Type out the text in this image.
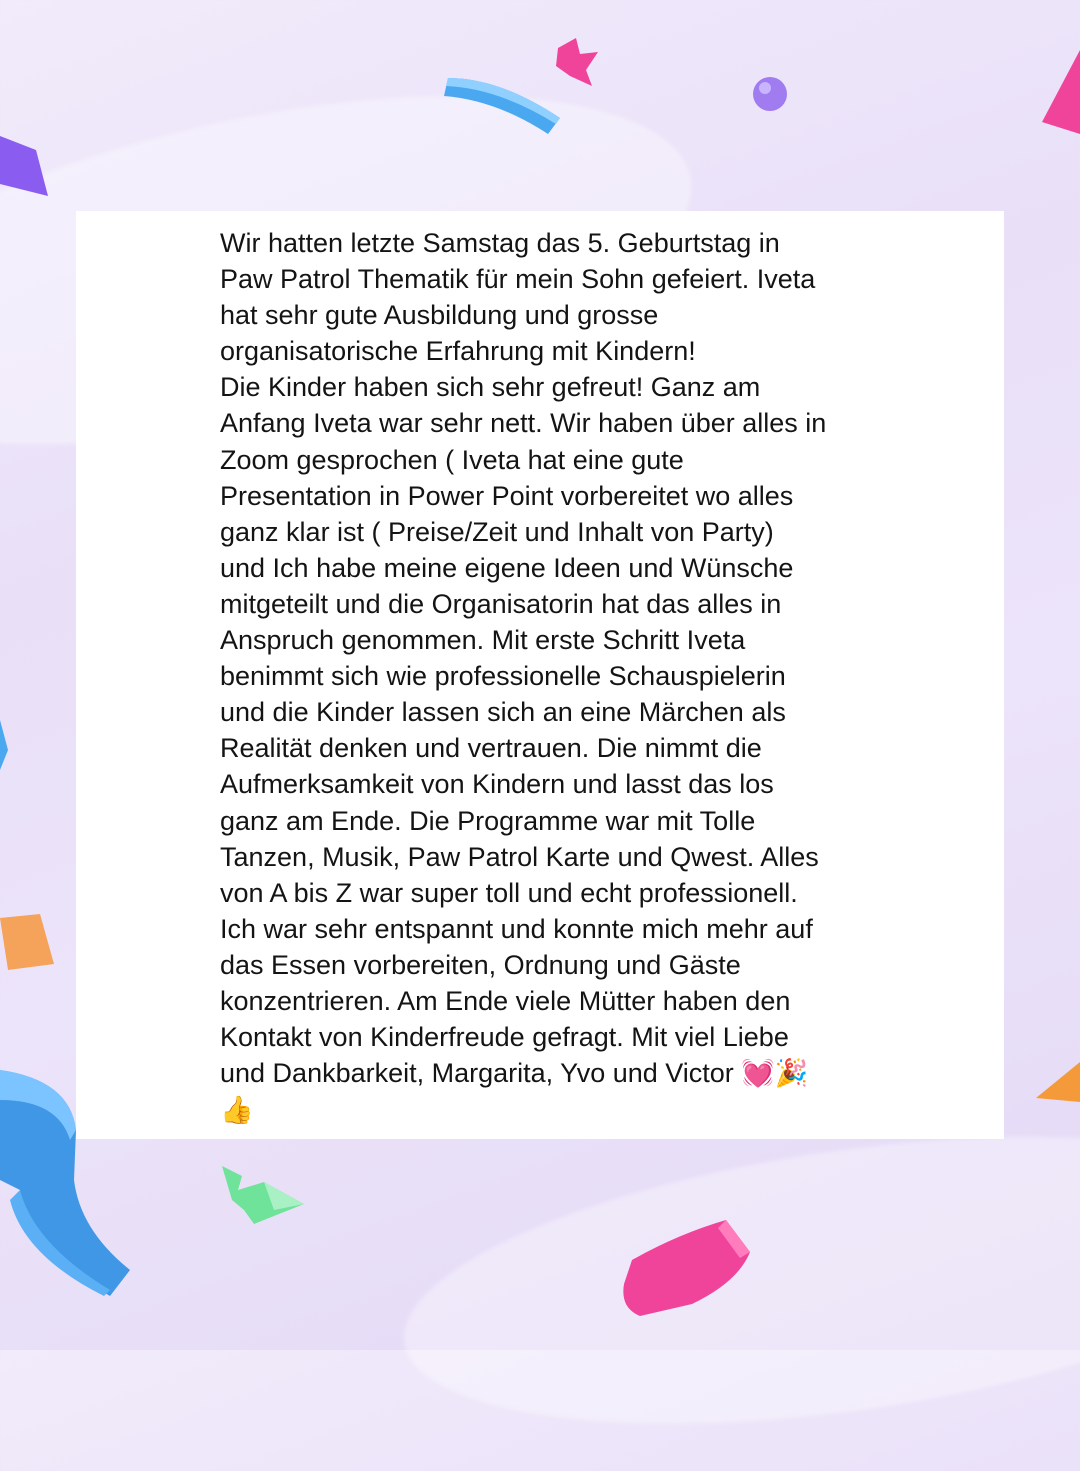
Wir hatten letzte Samstag das 5. Geburtstag in
Paw Patrol Thematik für mein Sohn gefeiert. Iveta
hat sehr gute Ausbildung und grosse
organisatorische Erfahrung mit Kindern!
Die Kinder haben sich sehr gefreut! Ganz am
Anfang Iveta war sehr nett. Wir haben über alles in
Zoom gesprochen ( Iveta hat eine gute
Presentation in Power Point vorbereitet wo alles
ganz klar ist ( Preise/Zeit und Inhalt von Party)
und Ich habe meine eigene Ideen und Wünsche
mitgeteilt und die Organisatorin hat das alles in
Anspruch genommen. Mit erste Schritt Iveta
benimmt sich wie professionelle Schauspielerin
und die Kinder lassen sich an eine Märchen als
Realität denken und vertrauen. Die nimmt die
Aufmerksamkeit von Kindern und lasst das los
ganz am Ende. Die Programme war mit Tolle
Tanzen, Musik, Paw Patrol Karte und Qwest. Alles
von A bis Z war super toll und echt professionell.
Ich war sehr entspannt und konnte mich mehr auf
das Essen vorbereiten, Ordnung und Gäste
konzentrieren. Am Ende viele Mütter haben den
Kontakt von Kinderfreude gefragt. Mit viel Liebe
und Dankbarkeit, Margarita, Yvo und Victor 💓🎉
👍
